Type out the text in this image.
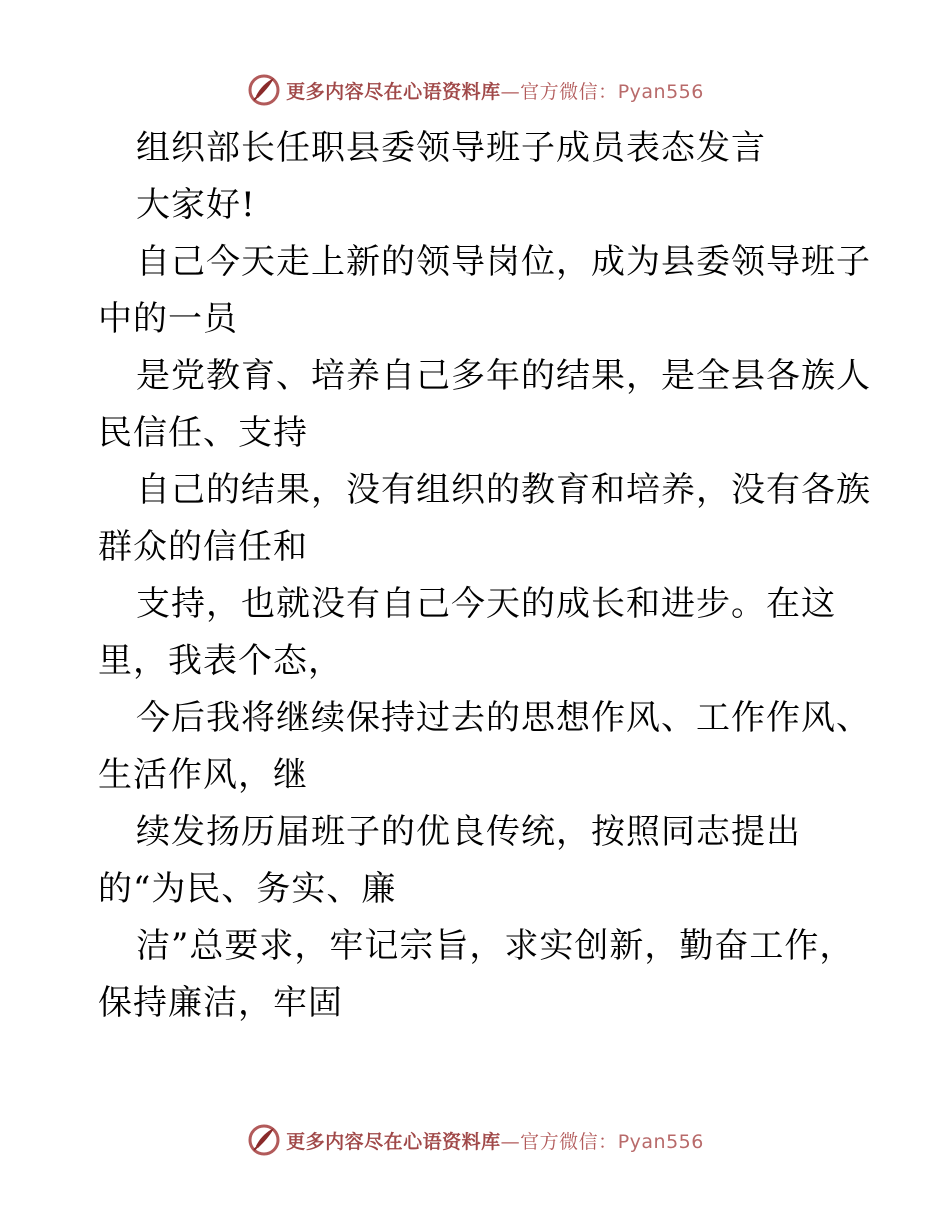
更多内容尽在心语资料库—官方微信：Pyan556
组织部长任职县委领导班子成员表态发言
大家好!
自己今天走上新的领导岗位，成为县委领导班子
中的一员
是党教育、培养自己多年的结果，是全县各族人
民信任、支持
自己的结果，没有组织的教育和培养，没有各族
群众的信任和
支持，也就没有自己今天的成长和进步。在这
里，我表个态，
今后我将继续保持过去的思想作风、工作作风、
生活作风，继
续发扬历届班子的优良传统，按照同志提出
的“为民、务实、廉
洁”总要求，牢记宗旨，求实创新，勤奋工作，
保持廉洁，牢固
更多内容尽在心语资料库—官方微信：Pyan556
